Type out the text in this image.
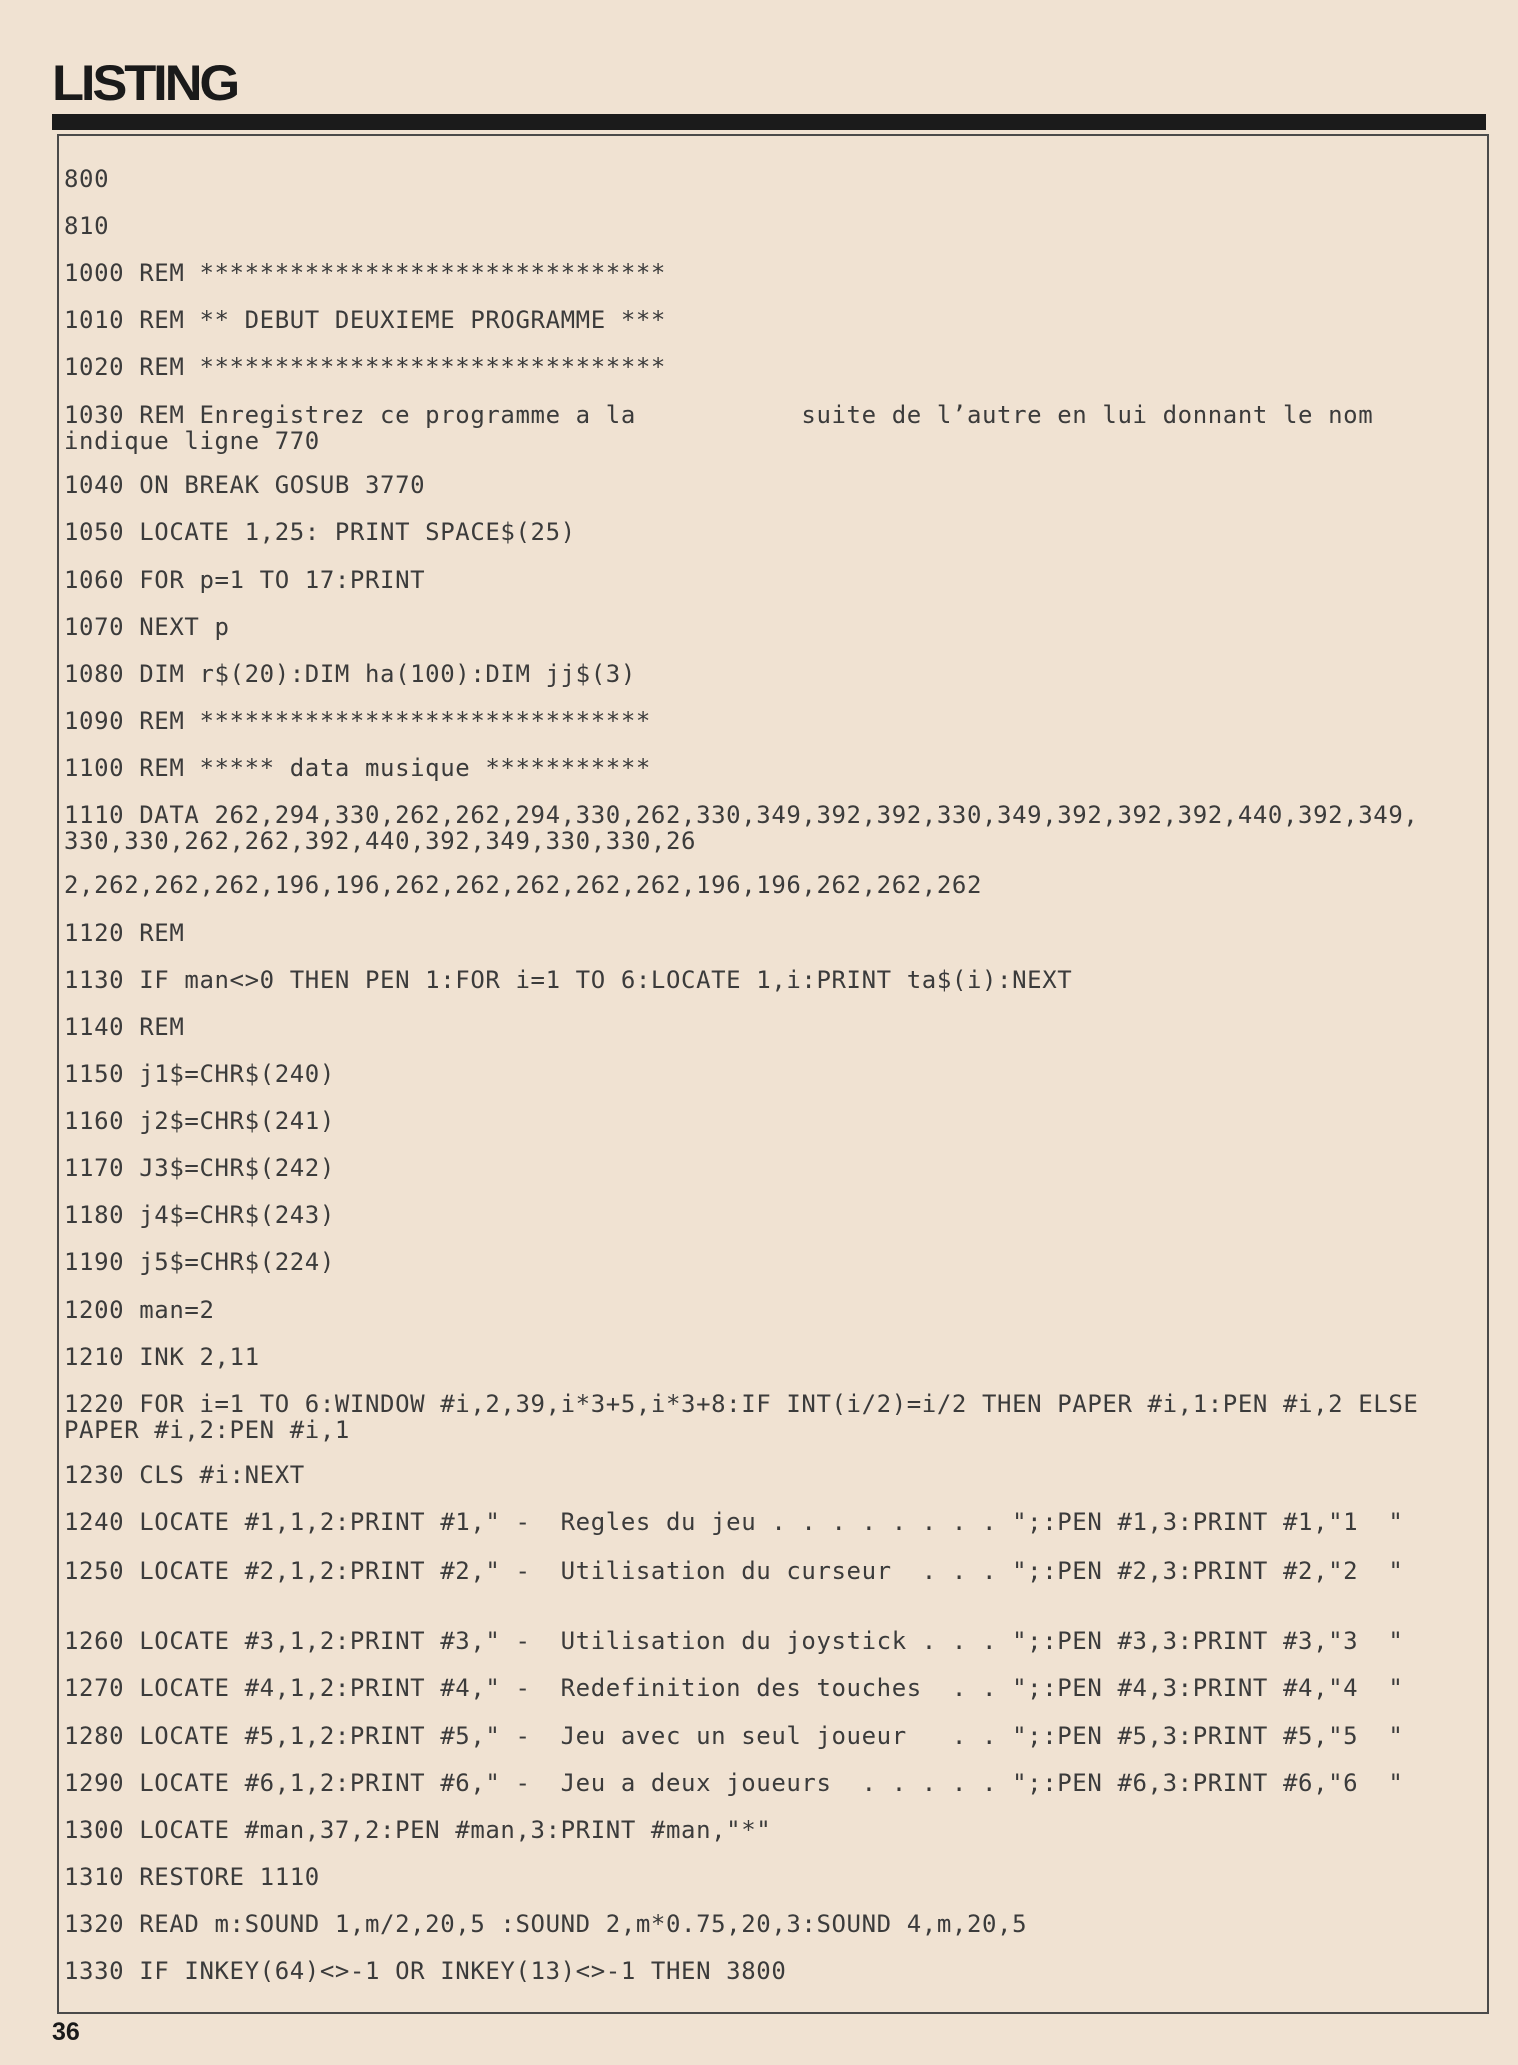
LISTING
800
810
1000 REM *******************************
1010 REM ** DEBUT DEUXIEME PROGRAMME ***
1020 REM *******************************
1030 REM Enregistrez ce programme a la           suite de l’autre en lui donnant le nom
indique ligne 770
1040 ON BREAK GOSUB 3770
1050 LOCATE 1,25: PRINT SPACE$(25)
1060 FOR p=1 TO 17:PRINT
1070 NEXT p
1080 DIM r$(20):DIM ha(100):DIM jj$(3)
1090 REM ******************************
1100 REM ***** data musique ***********
1110 DATA 262,294,330,262,262,294,330,262,330,349,392,392,330,349,392,392,392,440,392,349,
330,330,262,262,392,440,392,349,330,330,26
2,262,262,262,196,196,262,262,262,262,262,196,196,262,262,262
1120 REM
1130 IF man<>0 THEN PEN 1:FOR i=1 TO 6:LOCATE 1,i:PRINT ta$(i):NEXT
1140 REM
1150 j1$=CHR$(240)
1160 j2$=CHR$(241)
1170 J3$=CHR$(242)
1180 j4$=CHR$(243)
1190 j5$=CHR$(224)
1200 man=2
1210 INK 2,11
1220 FOR i=1 TO 6:WINDOW #i,2,39,i*3+5,i*3+8:IF INT(i/2)=i/2 THEN PAPER #i,1:PEN #i,2 ELSE
PAPER #i,2:PEN #i,1
1230 CLS #i:NEXT
1240 LOCATE #1,1,2:PRINT #1," -  Regles du jeu . . . . . . . . ";:PEN #1,3:PRINT #1,"1  "
1250 LOCATE #2,1,2:PRINT #2," -  Utilisation du curseur  . . . ";:PEN #2,3:PRINT #2,"2  "
1260 LOCATE #3,1,2:PRINT #3," -  Utilisation du joystick . . . ";:PEN #3,3:PRINT #3,"3  "
1270 LOCATE #4,1,2:PRINT #4," -  Redefinition des touches  . . ";:PEN #4,3:PRINT #4,"4  "
1280 LOCATE #5,1,2:PRINT #5," -  Jeu avec un seul joueur   . . ";:PEN #5,3:PRINT #5,"5  "
1290 LOCATE #6,1,2:PRINT #6," -  Jeu a deux joueurs  . . . . . ";:PEN #6,3:PRINT #6,"6  "
1300 LOCATE #man,37,2:PEN #man,3:PRINT #man,"*"
1310 RESTORE 1110
1320 READ m:SOUND 1,m/2,20,5 :SOUND 2,m*0.75,20,3:SOUND 4,m,20,5
1330 IF INKEY(64)<>-1 OR INKEY(13)<>-1 THEN 3800
36
